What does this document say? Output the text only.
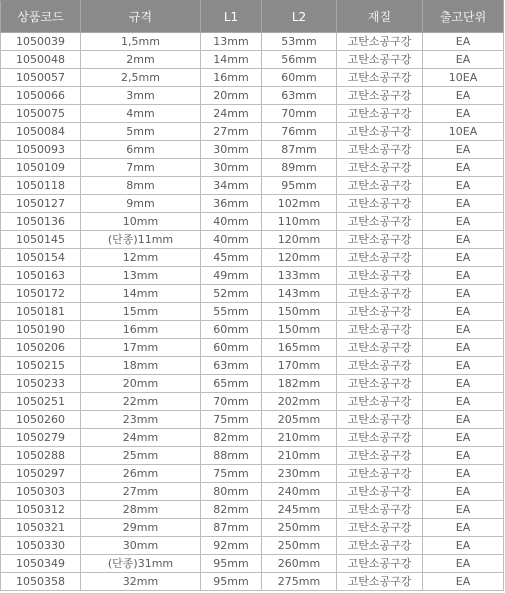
상품코드	규격	L1	L2	재질	출고단위
1050039	1,5mm	13mm	53mm	고탄소공구강	EA
1050048	2mm	14mm	56mm	고탄소공구강	EA
1050057	2,5mm	16mm	60mm	고탄소공구강	10EA
1050066	3mm	20mm	63mm	고탄소공구강	EA
1050075	4mm	24mm	70mm	고탄소공구강	EA
1050084	5mm	27mm	76mm	고탄소공구강	10EA
1050093	6mm	30mm	87mm	고탄소공구강	EA
1050109	7mm	30mm	89mm	고탄소공구강	EA
1050118	8mm	34mm	95mm	고탄소공구강	EA
1050127	9mm	36mm	102mm	고탄소공구강	EA
1050136	10mm	40mm	110mm	고탄소공구강	EA
1050145	(단종)11mm	40mm	120mm	고탄소공구강	EA
1050154	12mm	45mm	120mm	고탄소공구강	EA
1050163	13mm	49mm	133mm	고탄소공구강	EA
1050172	14mm	52mm	143mm	고탄소공구강	EA
1050181	15mm	55mm	150mm	고탄소공구강	EA
1050190	16mm	60mm	150mm	고탄소공구강	EA
1050206	17mm	60mm	165mm	고탄소공구강	EA
1050215	18mm	63mm	170mm	고탄소공구강	EA
1050233	20mm	65mm	182mm	고탄소공구강	EA
1050251	22mm	70mm	202mm	고탄소공구강	EA
1050260	23mm	75mm	205mm	고탄소공구강	EA
1050279	24mm	82mm	210mm	고탄소공구강	EA
1050288	25mm	88mm	210mm	고탄소공구강	EA
1050297	26mm	75mm	230mm	고탄소공구강	EA
1050303	27mm	80mm	240mm	고탄소공구강	EA
1050312	28mm	82mm	245mm	고탄소공구강	EA
1050321	29mm	87mm	250mm	고탄소공구강	EA
1050330	30mm	92mm	250mm	고탄소공구강	EA
1050349	(단종)31mm	95mm	260mm	고탄소공구강	EA
1050358	32mm	95mm	275mm	고탄소공구강	EA
